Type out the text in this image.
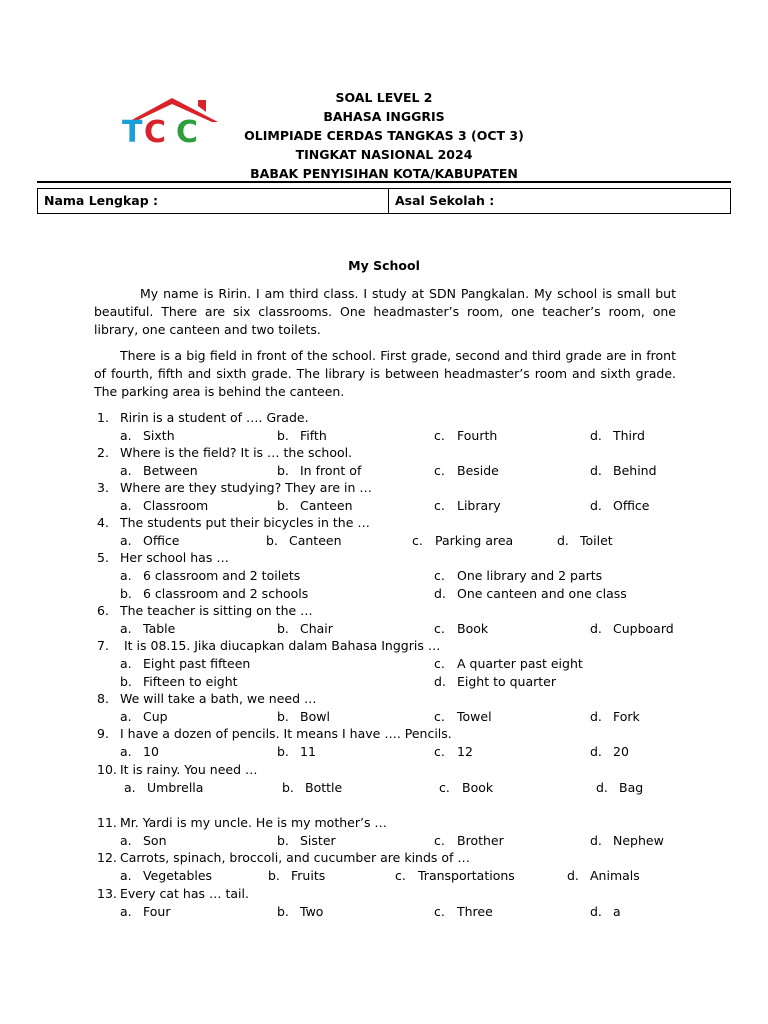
T C C
SOAL LEVEL 2
BAHASA INGGRIS
OLIMPIADE CERDAS TANGKAS 3 (OCT 3)
TINGKAT NASIONAL 2024
BABAK PENYISIHAN KOTA/KABUPATEN
Nama Lengkap :	Asal Sekolah :
My School

My name is Ririn. I am third class. I study at SDN Pangkalan. My school is small but beautiful. There are six classrooms. One headmaster’s room, one teacher’s room, one library, one canteen and two toilets.

There is a big field in front of the school. First grade, second and third grade are in front of fourth, fifth and sixth grade. The library is between headmaster’s room and sixth grade. The parking area is behind the canteen.

1. Ririn is a student of …. Grade.
a. Sixth	b. Fifth	c. Fourth	d. Third
2. Where is the field? It is … the school.
a. Between	b. In front of	c. Beside	d. Behind
3. Where are they studying? They are in …
a. Classroom	b. Canteen	c. Library	d. Office
4. The students put their bicycles in the …
a. Office	b. Canteen	c. Parking area	d. Toilet
5. Her school has …
a. 6 classroom and 2 toilets	c. One library and 2 parts
b. 6 classroom and 2 schools	d. One canteen and one class
6. The teacher is sitting on the …
a. Table	b. Chair	c. Book	d. Cupboard
7. It is 08.15. Jika diucapkan dalam Bahasa Inggris …
a. Eight past fifteen	c. A quarter past eight
b. Fifteen to eight	d. Eight to quarter
8. We will take a bath, we need …
a. Cup	b. Bowl	c. Towel	d. Fork
9. I have a dozen of pencils. It means I have …. Pencils.
a. 10	b. 11	c. 12	d. 20
10. It is rainy. You need …
a. Umbrella	b. Bottle	c. Book	d. Bag
11. Mr. Yardi is my uncle. He is my mother’s …
a. Son	b. Sister	c. Brother	d. Nephew
12. Carrots, spinach, broccoli, and cucumber are kinds of …
a. Vegetables	b. Fruits	c. Transportations	d. Animals
13. Every cat has … tail.
a. Four	b. Two	c. Three	d. a
